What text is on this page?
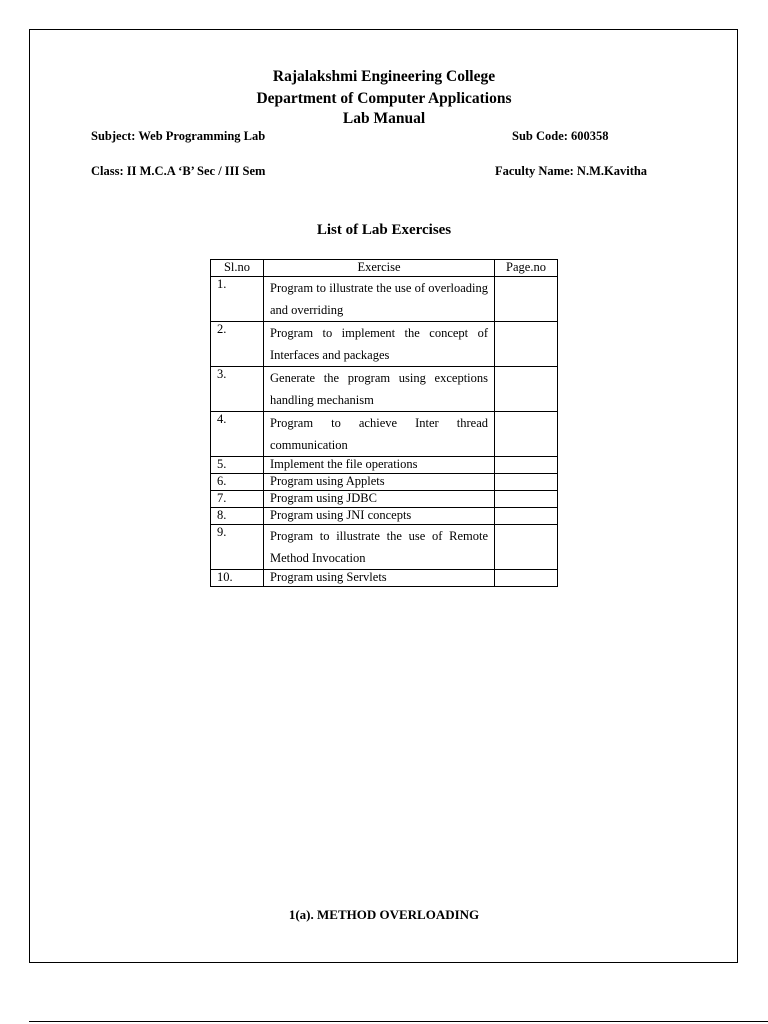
Rajalakshmi Engineering College
Department of Computer Applications
Lab Manual
Subject: Web Programming Lab	Sub Code: 600358
Class: II M.C.A ‘B’ Sec / III Sem	Faculty Name: N.M.Kavitha
List of Lab Exercises
Sl.no	Exercise	Page.no
1.	Program to illustrate the use of overloading and overriding	
2.	Program to implement the concept of Interfaces and packages	
3.	Generate the program using exceptions handling mechanism	
4.	Program to achieve Inter thread communication	
5.	Implement the file operations	
6.	Program using Applets	
7.	Program using JDBC	
8.	Program using JNI concepts	
9.	Program to illustrate the use of Remote Method Invocation	
10.	Program using Servlets	
1(a). METHOD OVERLOADING
